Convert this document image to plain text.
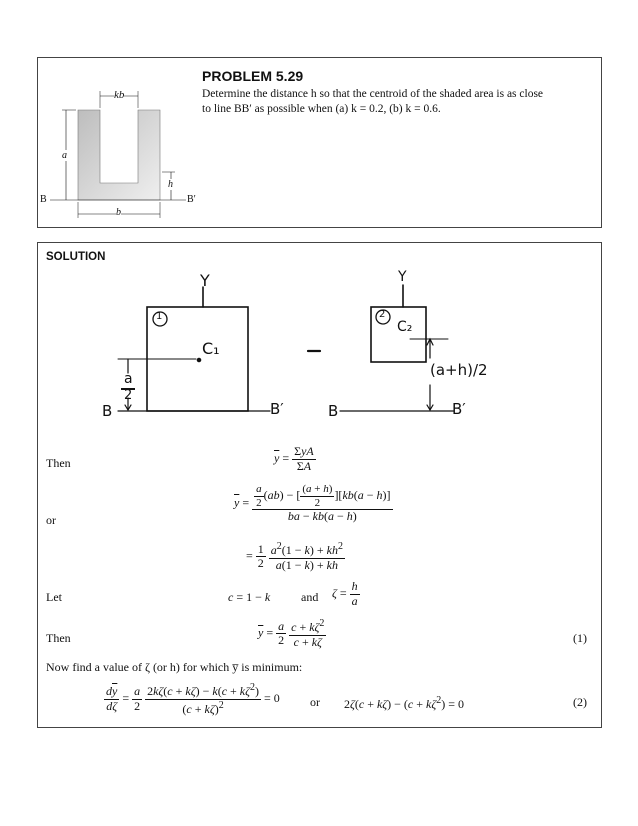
PROBLEM 5.29
Determine the distance h so that the centroid of the shaded area is as close
to line BB′ as possible when (a) k = 0.2, (b) k = 0.6.
kb
a
h
b
B	B′
SOLUTION
Y	Y
1	2
C₁
C₂
a
2
(a+h)/2
B	B′	B	B′
Then	$\overline{y} = \frac{\text{ΣyA}}{\Sigma A}$
or
$\overline{y} = \frac{\frac{a}{2} (ab) - [ \frac{(a + h)}{2} ][kb(a - h)]}{ba - kb(a - h)}$
= $\frac{1}{2}$
$\frac{a^2(1 - k) + kh^2}{a(1 - k) + kh}$
Let	c = 1 − k	and $\zeta = \frac{h}{a}$
Then	$\overline{y} = \frac{a}{2}$
$\frac{c + k\zeta^2}{c + k\zeta}$	(1)
Now find a value of ζ (or h) for which y̅ is minimum:
$\frac{d\overline{y}}{d\zeta} = \frac{a}{2}$
$\frac{2k\zeta(c + k\zeta) - k(c + k\zeta^2)}{(c + k\zeta)^2} = 0$	or $2\zeta(c + k\zeta) - (c + k\zeta^2) = 0$	(2)
